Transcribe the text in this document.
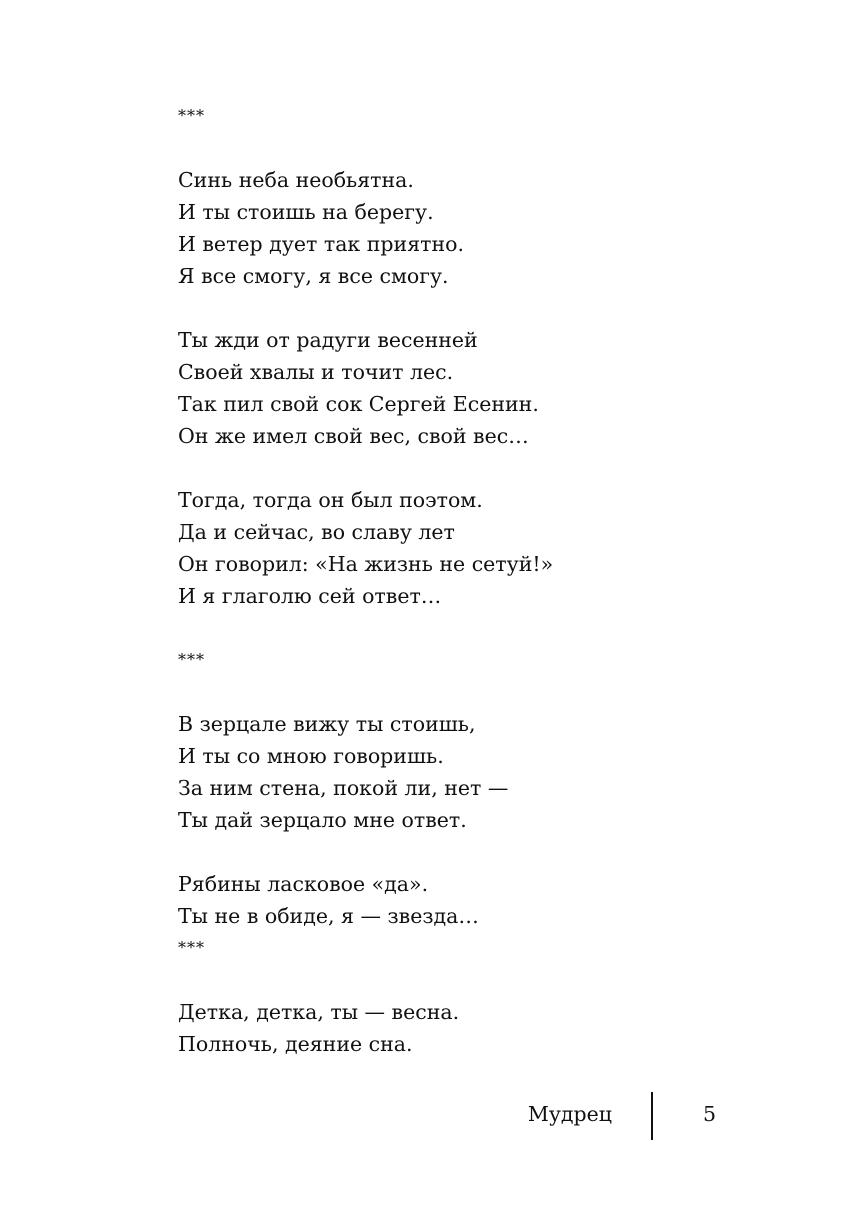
***
Синь неба необьятна.
И ты стоишь на берегу.
И ветер дует так приятно.
Я все смогу, я все смогу.
Ты жди от радуги весенней
Своей хвалы и точит лес.
Так пил свой сок Сергей Есенин.
Он же имел свой вес, свой вес…
Тогда, тогда он был поэтом.
Да и сейчас, во славу лет
Он говорил: «На жизнь не сетуй!»
И я глаголю сей ответ…
***
В зерцале вижу ты стоишь,
И ты со мною говоришь.
За ним стена, покой ли, нет —
Ты дай зерцало мне ответ.
Рябины ласковое «да».
Ты не в обиде, я — звезда…
***
Детка, детка, ты — весна.
Полночь, деяние сна.
Мудрец	5
